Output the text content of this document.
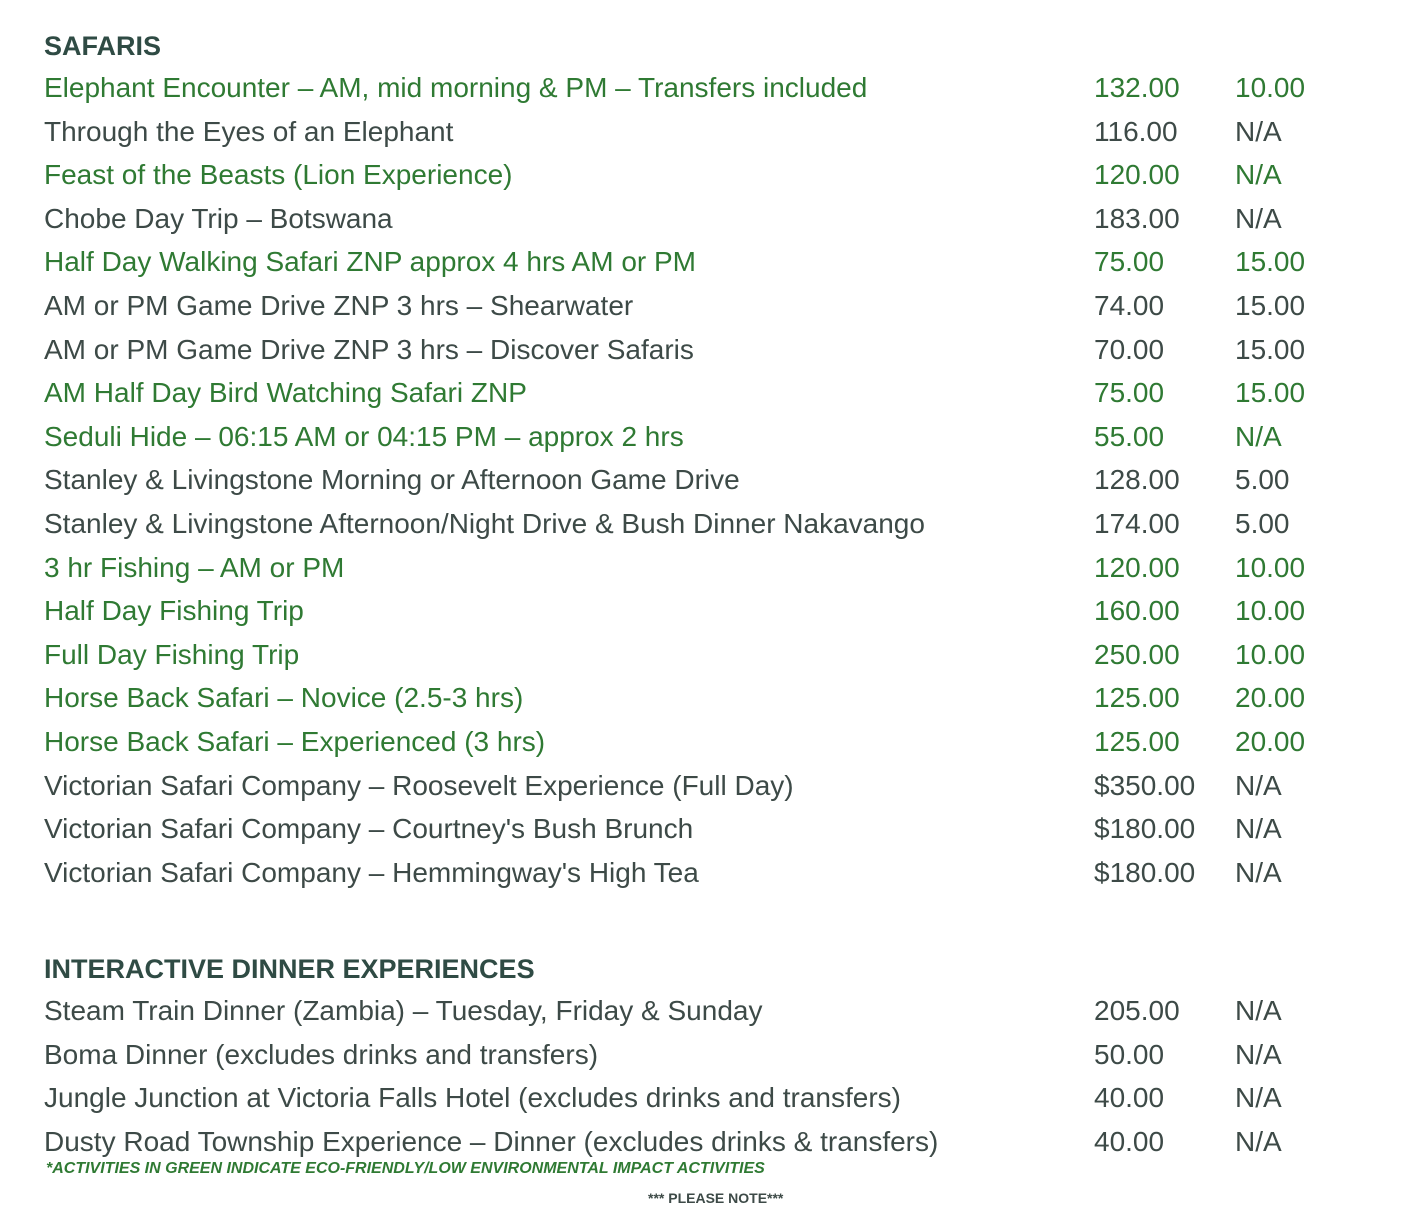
SAFARIS
Elephant Encounter – AM, mid morning & PM – Transfers included	132.00 10.00
Through the Eyes of an Elephant	116.00 N/A
Feast of the Beasts (Lion Experience)	120.00 N/A
Chobe Day Trip – Botswana	183.00 N/A
Half Day Walking Safari ZNP approx 4 hrs AM or PM	75.00	15.00
AM or PM Game Drive ZNP 3 hrs – Shearwater	74.00	15.00
AM or PM Game Drive ZNP 3 hrs – Discover Safaris	70.00	15.00
AM Half Day Bird Watching Safari ZNP	75.00	15.00
Seduli Hide – 06:15 AM or 04:15 PM – approx 2 hrs	55.00	N/A
Stanley & Livingstone Morning or Afternoon Game Drive	128.00 5.00
Stanley & Livingstone Afternoon/Night Drive & Bush Dinner Nakavango	174.00 5.00
3 hr Fishing – AM or PM	120.00 10.00
Half Day Fishing Trip	160.00 10.00
Full Day Fishing Trip	250.00 10.00
Horse Back Safari – Novice (2.5-3 hrs)	125.00 20.00
Horse Back Safari – Experienced (3 hrs)	125.00 20.00
Victorian Safari Company – Roosevelt Experience (Full Day)	$350.00 N/A
Victorian Safari Company – Courtney's Bush Brunch	$180.00 N/A
Victorian Safari Company – Hemmingway's High Tea	$180.00 N/A
INTERACTIVE DINNER EXPERIENCES
Steam Train Dinner (Zambia) – Tuesday, Friday & Sunday	205.00 N/A
Boma Dinner (excludes drinks and transfers)	50.00	N/A
Jungle Junction at Victoria Falls Hotel (excludes drinks and transfers)	40.00	N/A
Dusty Road Township Experience – Dinner (excludes drinks & transfers)	40.00	N/A
*ACTIVITIES IN GREEN INDICATE ECO-FRIENDLY/LOW ENVIRONMENTAL IMPACT ACTIVITIES
*** PLEASE NOTE***
